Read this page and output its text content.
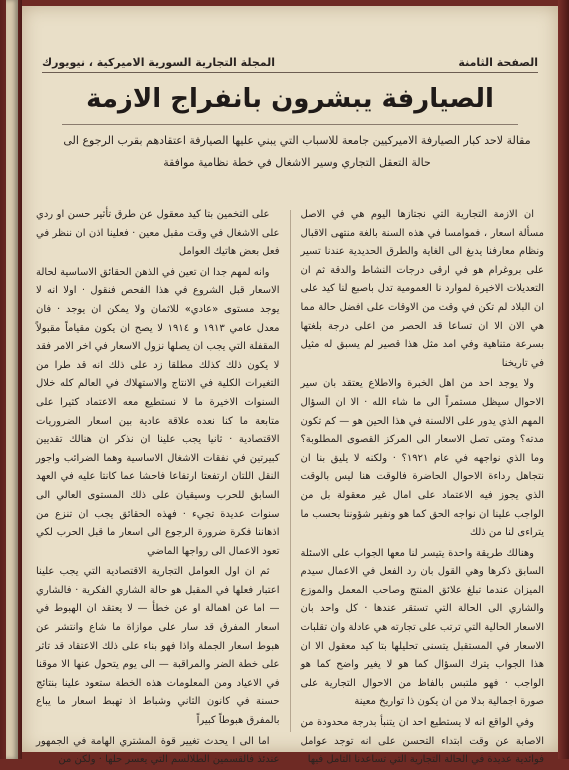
الصفحة الثامنة
المجلة التجارية السورية الاميركية ، نيويورك
الصيارفة يبشرون بانفراج الازمة
مقالة لاحد كبار الصيارفة الاميركيين جامعة للاسباب التي يبني عليها الصيارفة اعتقادهم بقرب الرجوع الى حالة التعقل التجاري وسير الاشغال في خطة نظامية موافقة

ان الازمة التجارية التي نجتازها اليوم هي في الاصل مسألة اسعار ، فموامسا في هذه السنة بالغة منتهى الاقبال ونظام معارفنا يدبغ الى الغاية والطرق الحديدية عندنا تسير على بروغرام هو في ارقى درجات النشاط والدقة ثم ان التعديلات الاخيرة لموارد نا العمومية تدل باصبع لنا كيد على ان البلاد لم تكن في وقت من الاوقات على افضل حالة مما هي الان الا ان تساعا قد الحصر من اعلى درجة بلغتها بسرعة متناهية وفي امد مثل هذا قصير لم يسبق له مثيل في تاريخنا

ولا يوجد احد من اهل الخبرة والاطلاع يعتقد بان سير الاحوال سيظل مستمراً الى ما شاء الله · الا ان السؤال المهم الذي يدور على الالسنة في هذا الحين هو — كم تكون مدته؟ ومتى تصل الاسعار الى المركز القصوى المطلوبة؟ وما الذي نواجهه في عام ١٩٢١؟ · ولكنه لا يليق بنا ان نتجاهل رداءة الاحوال الحاضرة فالوقت هنا ليس بالوقت الذي يجوز فيه الاعتماد على امال غير معقولة بل من الواجب علينا ان نواجه الحق كما هو ونفير شؤوننا بحسب ما يتراءى لنا من ذلك

وهنالك طريقة واحدة يتيسر لنا معها الجواب على الاسئلة السابق ذكرها وهي القول بان رد الفعل في الاعمال سيدم الميزان عندما تبلغ علائق المنتج وصاحب المعمل والموزع والشاري الى الحالة التي تستقر عندها · كل واحد بان الاسعار الحالية التي ترتب على تجارته هي عادلة وان تقلبات الاسعار في المستقبل يتسنى تحليلها بتا كيد معقول الا ان هذا الجواب يترك السؤال كما هو لا يغير واضح كما هو الواجب · فهو ملتبس بالفاظ من الاحوال التجارية على صورة اجمالية بدلا من ان يكون ذا تواريخ معينة

وفي الواقع انه لا يستطيع احد ان يتنبأ بدرجة محدودة من الاصابة عن وقت ابتداء التحسن على انه توجد عوامل فوائدية عديدة في الحالة التجارية التي تساعدنا التامل فيها

على التخمين بتا كيد معقول عن طرق تأثير حسن او ردي على الاشغال في وقت مقبل معين · فعلينا اذن ان ننظر في فعل بعض هاتيك العوامل

وانه لمهم جدا ان تعين في الذهن الحقائق الاساسية لحالة الاسعار قبل الشروع في هذا الفحص فنقول · اولا انه لا يوجد مستوى «عادي» للاثمان ولا يمكن ان يوجد · فان معدل عامي ١٩١٣ و ١٩١٤ لا يصح ان يكون مقياماً مقبولاً المقفلة التي يجب ان يصلها نزول الاسعار في اخر الامر فقد لا يكون ذلك كذلك مطلقا زد على ذلك انه قد طرا من التغيرات الكلية في الانتاج والاستهلاك في العالم كله خلال السنوات الاخيرة ما لا نستطيع معه الاعتماد كثيرا على متابعة ما كنا نعده علاقة عادية بين اسعار الضروريات الاقتصادية · ثانيا يجب علينا ان نذكر ان هنالك تقديين كبيرتين في نفقات الاشغال الاساسية وهما الضرائب واجور النقل اللتان ارتفعتا ارتفاعا فاحشا عما كانتا عليه في العهد السابق للحرب وسيقيان على ذلك المستوى العالي الى سنوات عديدة تجيء · فهذه الحقائق يجب ان تنزع من اذهاننا فكرة ضرورة الرجوع الى اسعار ما قبل الحرب لكي تعود الاعمال الى رواجها الماضي

ثم ان اول العوامل التجارية الاقتصادية التي يجب علينا اعتبار فعلها في المقبل هو حالة الشاري الفكرية · فالشاري — اما عن اهمالة او عن خطأ — لا يعتقد ان الهبوط في اسعار المفرق قد سار على موازاة ما شاع وانتشر عن هبوط اسعار الجملة واذا فهو بناء على ذلك الاعتقاد قد تاثر على خطة الضر والمراقبة — الى يوم يتحول عنها الا موقنا في الاعياد ومن المعلومات هذه الخطة ستعود علينا بنتائج حسنة في كانون الثاني وشباط اذ تهبط اسعار ما يباع بالمفرق هبوطاً كبيراً

اما الى ا يحدث تغيير قوة المشتري الهامة في الجمهور عندئذ فالقسمين الطلالسم التي يعسر حلها · ولكن من
